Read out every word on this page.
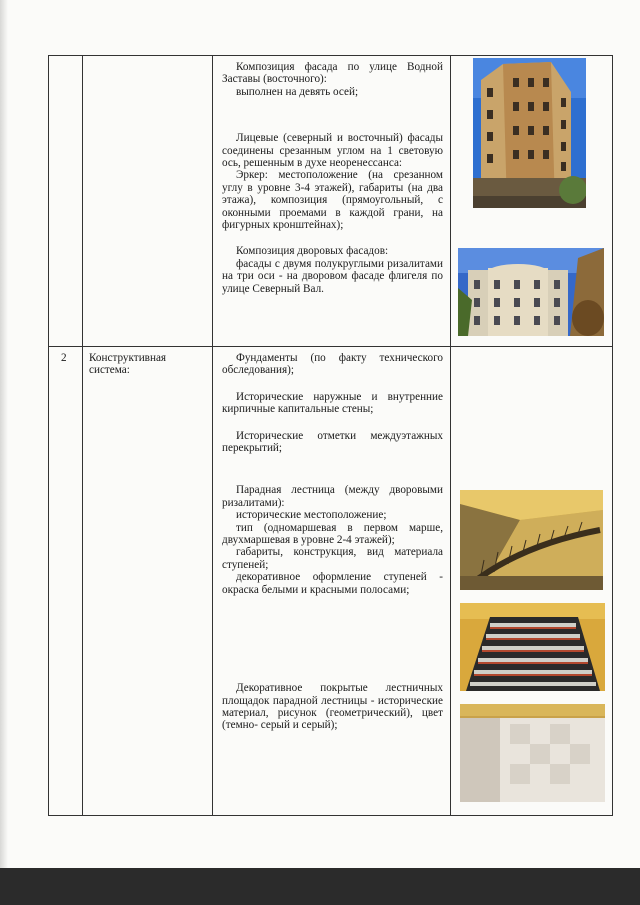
Композиция фасада по улице Водной Заставы (восточного):

выполнен на девять осей;

Лицевые (северный и восточный) фасады соединены срезанным углом на 1 световую ось, решенным в духе неоренессанса:

Эркер: местоположение (на срезанном углу в уровне 3-4 этажей), габариты (на два этажа), композиция (прямоугольный, с оконными проемами в каждой грани, на фигурных кронштейнах);

Композиция дворовых фасадов:

фасады с двумя полукруглыми ризалитами на три оси - на дворовом фасаде флигеля по улице Северный Вал.

2 Конструктивная система:

Фундаменты (по факту технического обследования);

Исторические наружные и внутренние кирпичные капитальные стены;

Исторические отметки междуэтажных перекрытий;

Парадная лестница (между дворовыми ризалитами):

исторические местоположение;

тип (одномаршевая в первом марше, двухмаршевая в уровне 2-4 этажей);

габариты, конструкция, вид материала ступеней;

декоративное оформление ступеней - окраска белыми и красными полосами;

Декоративное покрытые лестничных площадок парадной лестницы - исторические материал, рисунок (геометрический), цвет (темно- серый и серый);
